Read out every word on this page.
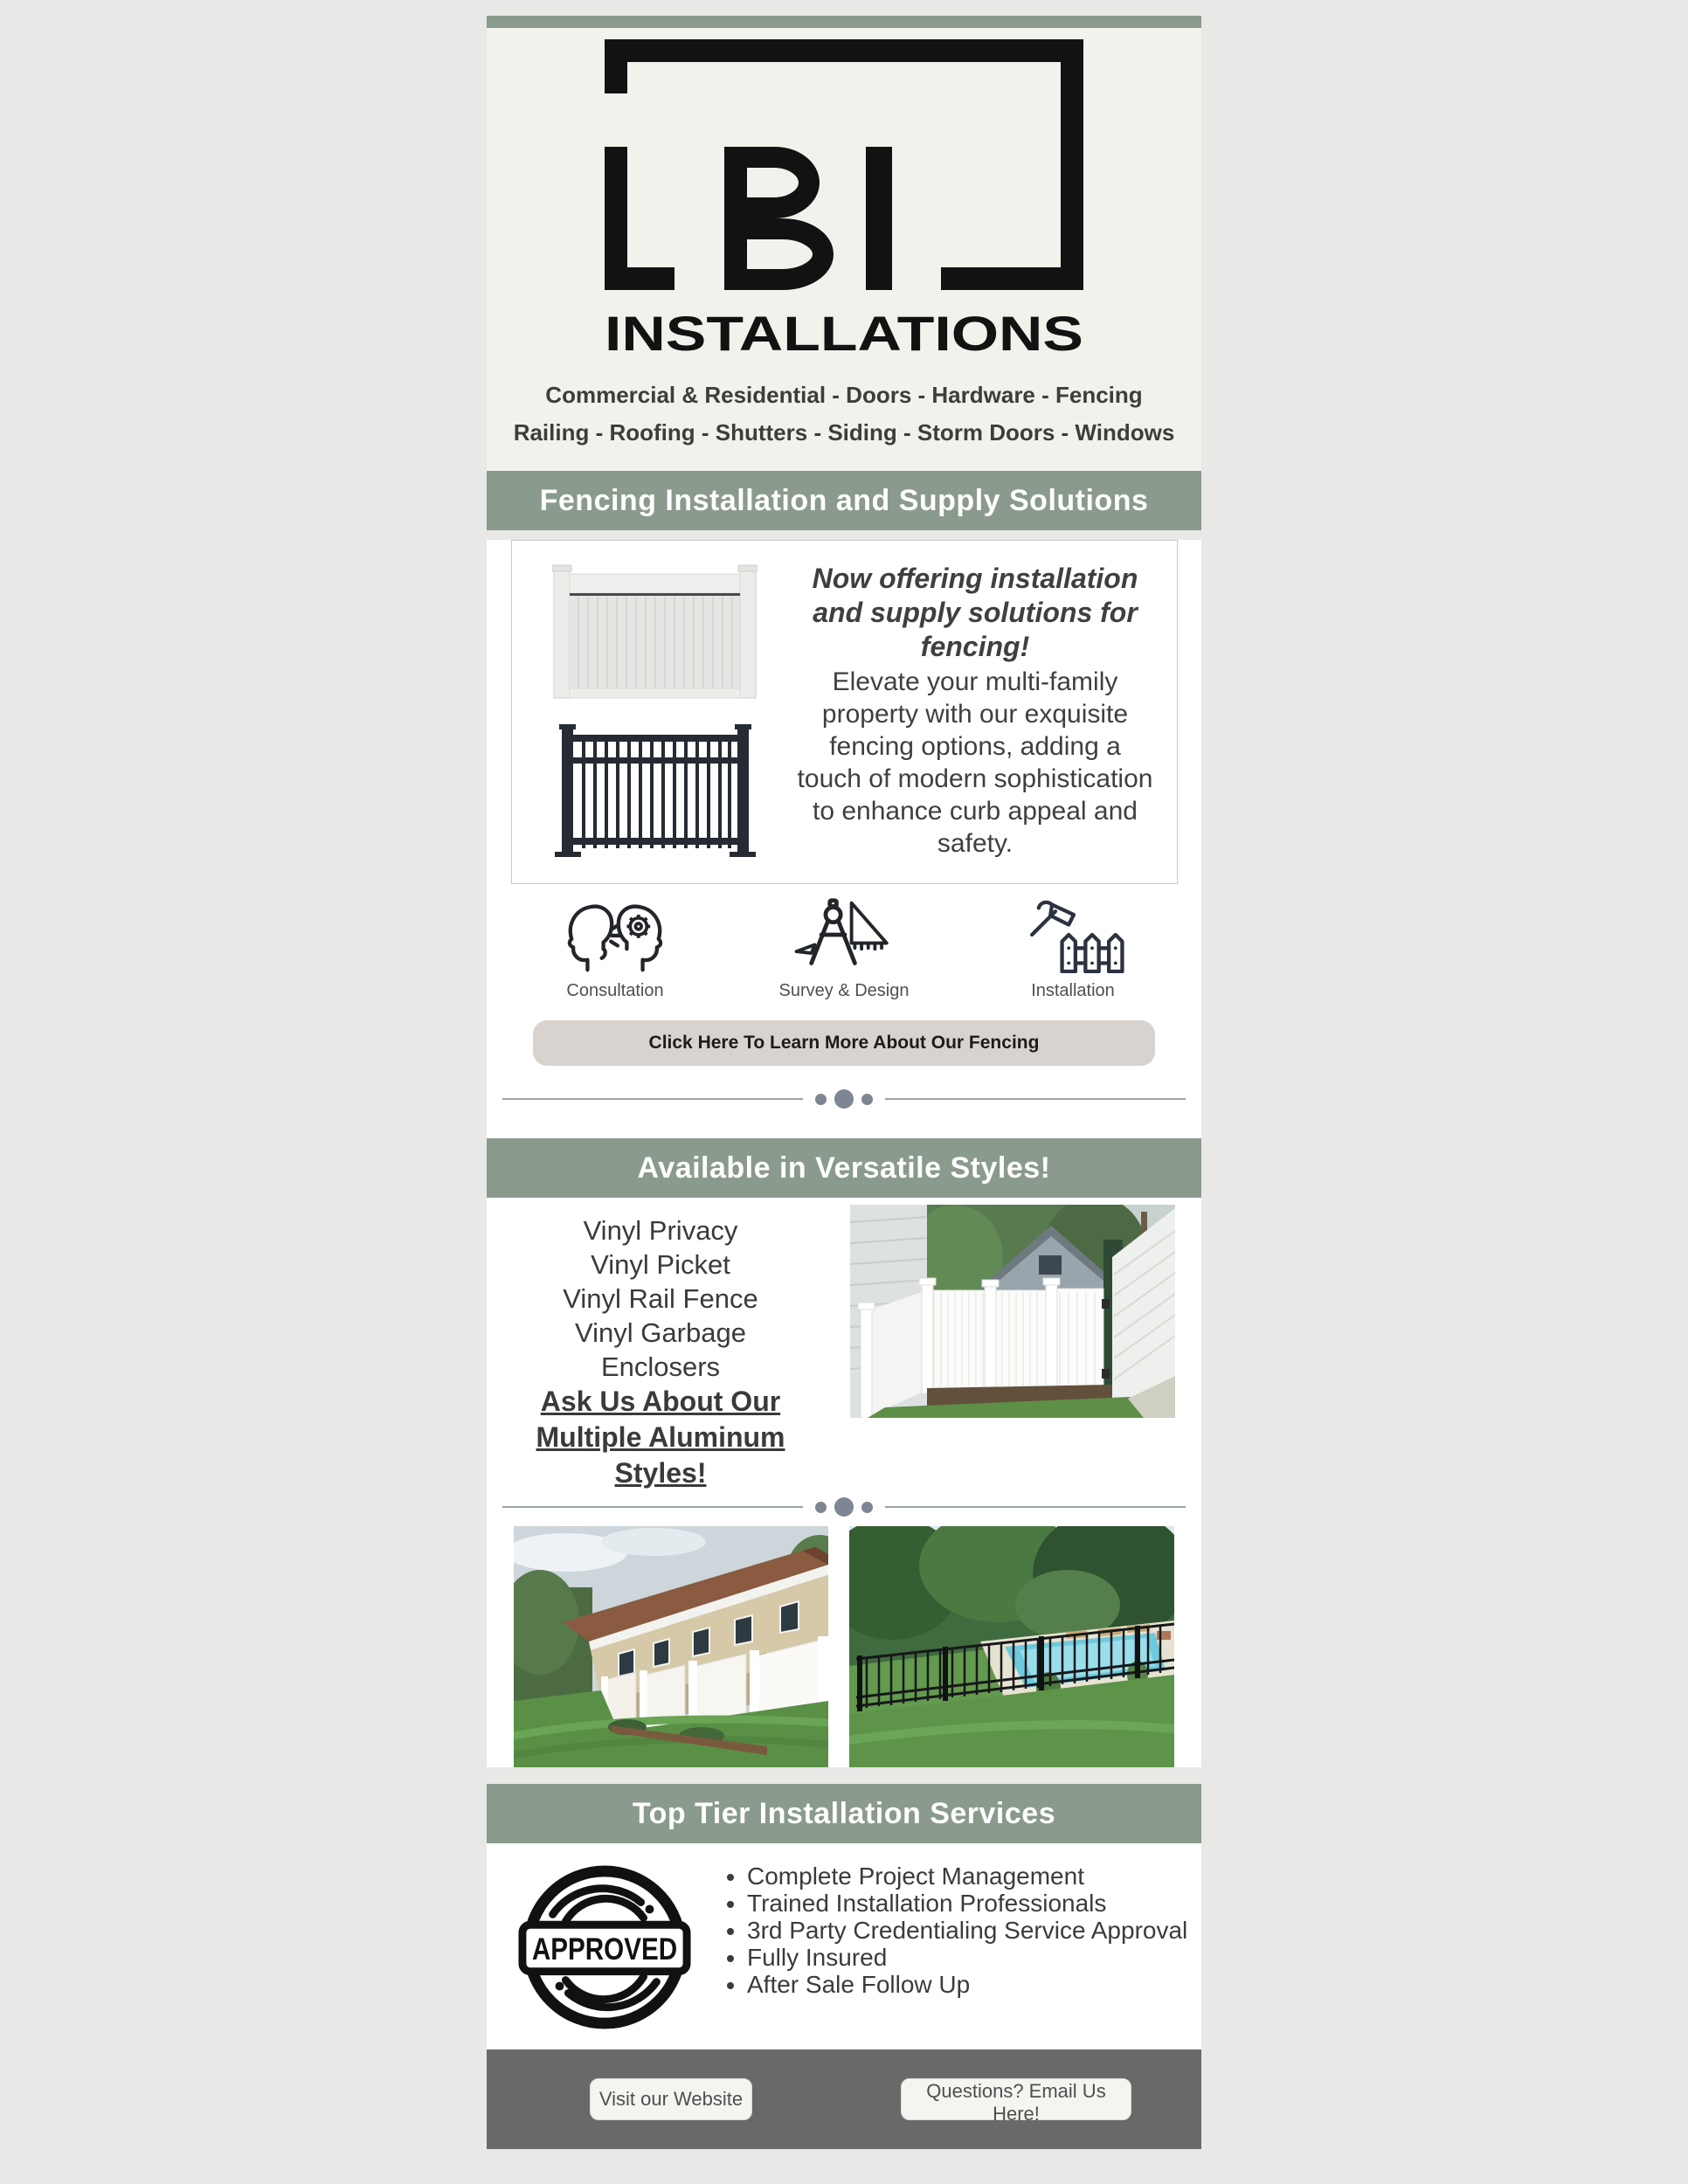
INSTALLATIONS

Commercial & Residential - Doors - Hardware - Fencing

Railing - Roofing - Shutters - Siding - Storm Doors - Windows

Fencing Installation and Supply Solutions

Now offering installation and supply solutions for fencing!

Elevate your multi-family property with our exquisite fencing options, adding a touch of modern sophistication to enhance curb appeal and safety.

Consultation	Survey & Design	Installation
Click Here To Learn More About Our Fencing
Available in Versatile Styles!
Vinyl Privacy
Vinyl Picket
Vinyl Rail Fence
Vinyl Garbage
Enclosers
Ask Us About Our
Multiple Aluminum
Styles!
Top Tier Installation Services
APPROVED
• Complete Project Management
• Trained Installation Professionals
• 3rd Party Credentialing Service Approval
• Fully Insured
• After Sale Follow Up
Visit our Website	Questions? Email Us Here!
